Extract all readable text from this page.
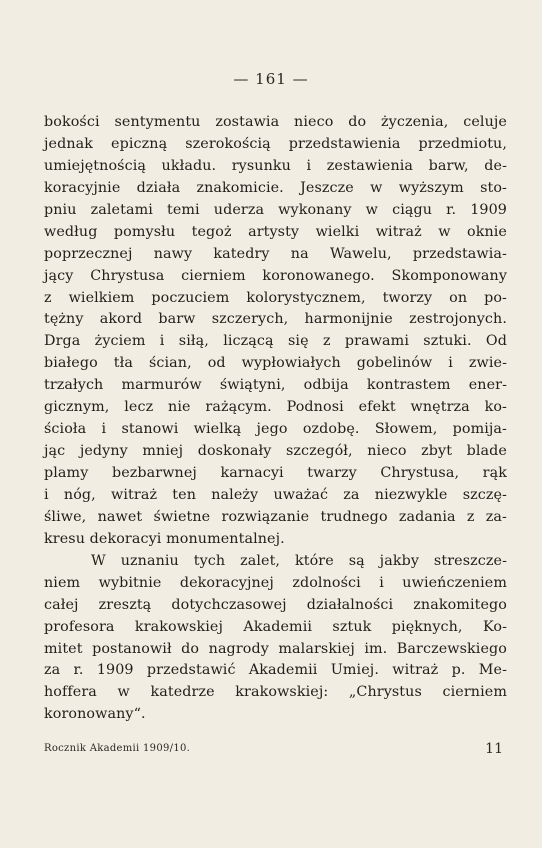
— 161 —
bokości sentymentu zostawia nieco do życzenia, celuje
jednak epiczną szerokością przedstawienia przedmiotu,
umiejętnością układu. rysunku i zestawienia barw, de-
koracyjnie działa znakomicie. Jeszcze w wyższym sto-
pniu zaletami temi uderza wykonany w ciągu r. 1909
według pomysłu tegoż artysty wielki witraż w oknie
poprzecznej nawy katedry na Wawelu, przedstawia-
jący Chrystusa cierniem koronowanego. Skomponowany
z wielkiem poczuciem kolorystycznem, tworzy on po-
tężny akord barw szczerych, harmonijnie zestrojonych.
Drga życiem i siłą, liczącą się z prawami sztuki. Od
białego tła ścian, od wypłowiałych gobelinów i zwie-
trzałych marmurów świątyni, odbija kontrastem ener-
gicznym, lecz nie rażącym. Podnosi efekt wnętrza ko-
ścioła i stanowi wielką jego ozdobę. Słowem, pomija-
jąc jedyny mniej doskonały szczegół, nieco zbyt blade
plamy bezbarwnej karnacyi twarzy Chrystusa, rąk
i nóg, witraż ten należy uważać za niezwykle szczę-
śliwe, nawet świetne rozwiązanie trudnego zadania z za-
kresu dekoracyi monumentalnej.
W uznaniu tych zalet, które są jakby streszcze-
niem wybitnie dekoracyjnej zdolności i uwieńczeniem
całej zresztą dotychczasowej działalności znakomitego
profesora krakowskiej Akademii sztuk pięknych, Ko-
mitet postanowił do nagrody malarskiej im. Barczewskiego
za r. 1909 przedstawić Akademii Umiej. witraż p. Me-
hoffera w katedrze krakowskiej: „Chrystus cierniem
koronowany“.
Rocznik Akademii 1909/10.	11
